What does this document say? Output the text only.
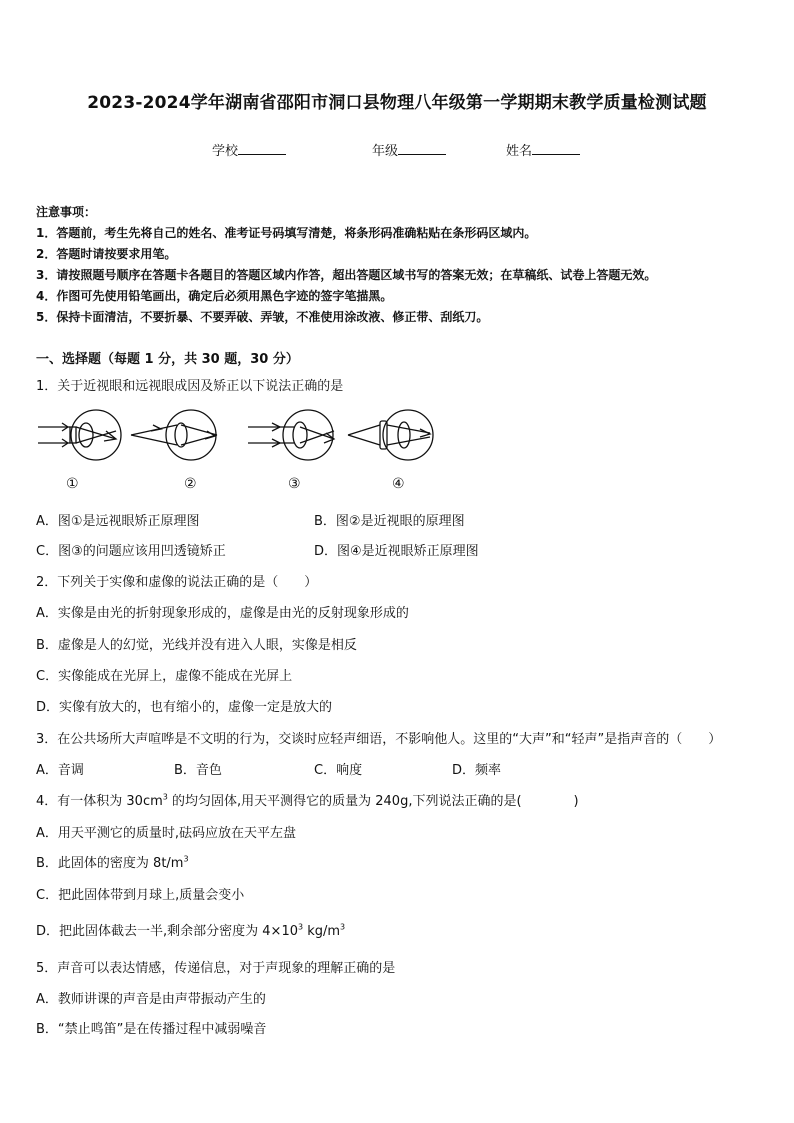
2023-2024学年湖南省邵阳市洞口县物理八年级第一学期期末教学质量检测试题
学校	年级	姓名
注意事项：
1．答题前，考生先将自己的姓名、准考证号码填写清楚，将条形码准确粘贴在条形码区域内。
2．答题时请按要求用笔。
3．请按照题号顺序在答题卡各题目的答题区域内作答，超出答题区域书写的答案无效；在草稿纸、试卷上答题无效。
4．作图可先使用铅笔画出，确定后必须用黑色字迹的签字笔描黑。
5．保持卡面清洁，不要折暴、不要弄破、弄皱，不准使用涂改液、修正带、刮纸刀。
一、选择题（每题 1 分，共 30 题，30 分）
1．关于近视眼和远视眼成因及矫正以下说法正确的是
①	②	③	④
A．图①是远视眼矫正原理图	B．图②是近视眼的原理图
C．图③的问题应该用凹透镜矫正	D．图④是近视眼矫正原理图
2．下列关于实像和虚像的说法正确的是（　　）
A．实像是由光的折射现象形成的，虚像是由光的反射现象形成的
B．虚像是人的幻觉，光线并没有进入人眼，实像是相反
C．实像能成在光屏上，虚像不能成在光屏上
D．实像有放大的，也有缩小的，虚像一定是放大的
3．在公共场所大声喧哗是不文明的行为，交谈时应轻声细语，不影响他人。这里的“大声”和“轻声”是指声音的（　　）
A．音调	B．音色	C．响度	D．频率
4．有一体积为 $30cm^3$ 的均匀固体,用天平测得它的质量为 240g,下列说法正确的是(　　　　)
A．用天平测它的质量时,砝码应放在天平左盘
B．此固体的密度为 $8t/m^3$
C．把此固体带到月球上,质量会变小
D．把此固体截去一半,剩余部分密度为 $4\times 10^3$ $kg/m^3$
5．声音可以表达情感，传递信息，对于声现象的理解正确的是
A．教师讲课的声音是由声带振动产生的
B．“禁止鸣笛”是在传播过程中减弱噪音
